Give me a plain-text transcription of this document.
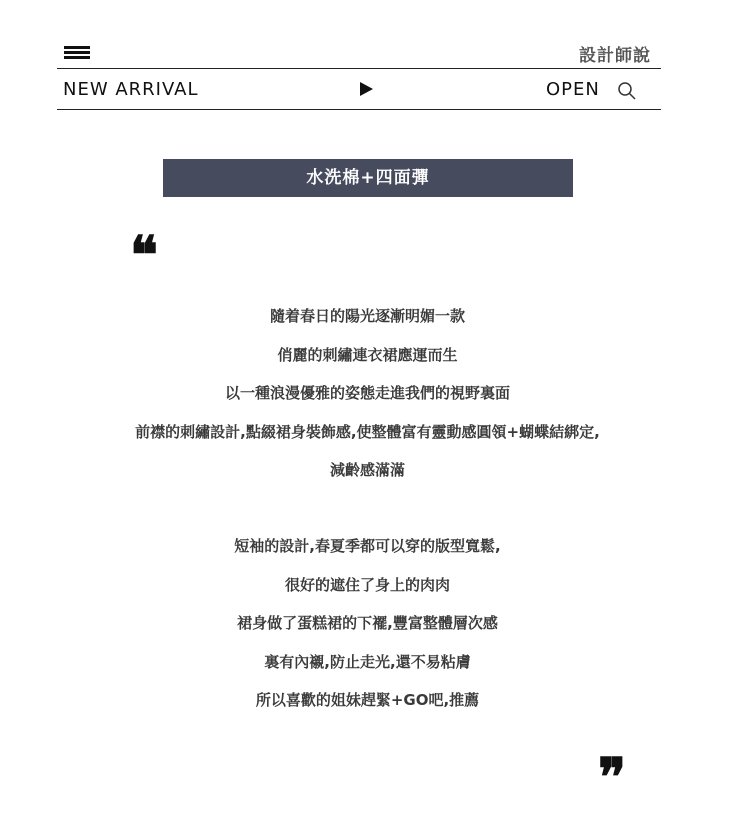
設計師說
NEW ARRIVAL	OPEN
水洗棉+四面彈
❝
隨着春日的陽光逐漸明媚一款
俏麗的刺繡連衣裙應運而生
以一種浪漫優雅的姿態走進我們的視野裏面
前襟的刺繡設計,點綴裙身裝飾感,使整體富有靈動感圓領+蝴蝶結綁定,
減齡感滿滿
短袖的設計,春夏季都可以穿的版型寬鬆,
很好的遮住了身上的肉肉
裙身做了蛋糕裙的下襬,豐富整體層次感
裏有內襯,防止走光,還不易粘膚
所以喜歡的姐妹趕緊+GO吧,推薦
❞
